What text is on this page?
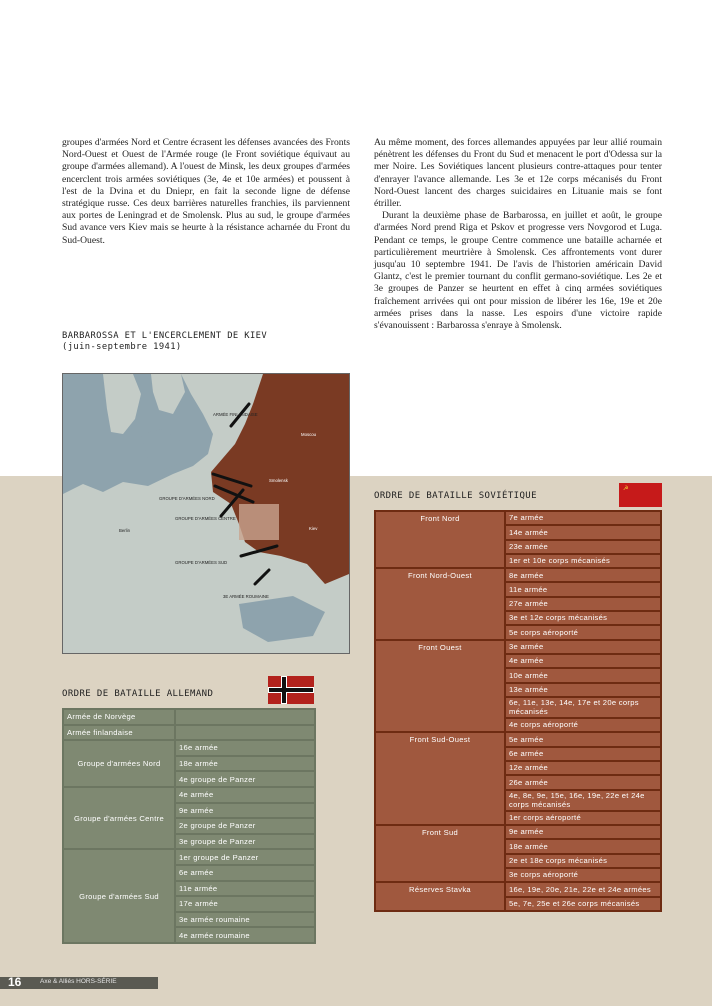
groupes d'armées Nord et Centre écrasent les défenses avancées des Fronts Nord-Ouest et Ouest de l'Armée rouge (le Front soviétique équivaut au groupe d'armées allemand). A l'ouest de Minsk, les deux groupes d'armées encerclent trois armées soviétiques (3e, 4e et 10e armées) et poussent à l'est de la Dvina et du Dniepr, en fait la seconde ligne de défense stratégique russe. Ces deux barrières naturelles franchies, ils parviennent aux portes de Leningrad et de Smolensk. Plus au sud, le groupe d'armées Sud avance vers Kiev mais se heurte à la résistance acharnée du Front du Sud-Ouest.

Au même moment, des forces allemandes appuyées par leur allié roumain pénètrent les défenses du Front du Sud et menacent le port d'Odessa sur la mer Noire. Les Soviétiques lancent plusieurs contre-attaques pour tenter d'enrayer l'avance allemande. Les 3e et 12e corps mécanisés du Front Nord-Ouest lancent des charges suicidaires en Lituanie mais se font étriller.

Durant la deuxième phase de Barbarossa, en juillet et août, le groupe d'armées Nord prend Riga et Pskov et progresse vers Novgorod et Luga. Pendant ce temps, le groupe Centre commence une bataille acharnée et particulièrement meurtrière à Smolensk. Ces affrontements vont durer jusqu'au 10 septembre 1941. De l'avis de l'historien américain David Glantz, c'est le premier tournant du conflit germano-soviétique. Les 2e et 3e groupes de Panzer se heurtent en effet à cinq armées soviétiques fraîchement arrivées qui ont pour mission de libérer les 16e, 19e et 20e armées prises dans la nasse. Les espoirs d'une victoire rapide s'évanouissent : Barbarossa s'enraye à Smolensk.

BARBAROSSA ET L'ENCERCLEMENT DE KIEV
(juin-septembre 1941)
Moscou
Smolensk
Kiev
Berlin
ARMÉE FINLANDAISE
GROUPE D'ARMÉES NORD
GROUPE D'ARMÉES CENTRE
GROUPE D'ARMÉES SUD
3E ARMÉE ROUMAINE
ORDRE DE BATAILLE ALLEMAND
Armée de Norvège	
Armée finlandaise	
Groupe d'armées Nord	16e armée
	18e armée
	4e groupe de Panzer
Groupe d'armées Centre	4e armée
	9e armée
	2e groupe de Panzer
	3e groupe de Panzer
Groupe d'armées Sud	1er groupe de Panzer
	6e armée
	11e armée
	17e armée
	3e armée roumaine
	4e armée roumaine
ORDRE DE BATAILLE SOVIÉTIQUE
☭
Front Nord	7e armée
	14e armée
	23e armée
	1er et 10e corps mécanisés
Front Nord-Ouest	8e armée
	11e armée
	27e armée
	3e et 12e corps mécanisés
	5e corps aéroporté
Front Ouest	3e armée
	4e armée
	10e armée
	13e armée
	6e, 11e, 13e, 14e, 17e et 20e corps mécanisés
	4e corps aéroporté
Front Sud-Ouest	5e armée
	6e armée
	12e armée
	26e armée
	4e, 8e, 9e, 15e, 16e, 19e, 22e et 24e corps mécanisés
	1er corps aéroporté
Front Sud	9e armée
	18e armée
	2e et 18e corps mécanisés
	3e corps aéroporté
Réserves Stavka	16e, 19e, 20e, 21e, 22e et 24e armées
	5e, 7e, 25e et 26e corps mécanisés
16	Axe & Alliés HORS-SÉRIE
